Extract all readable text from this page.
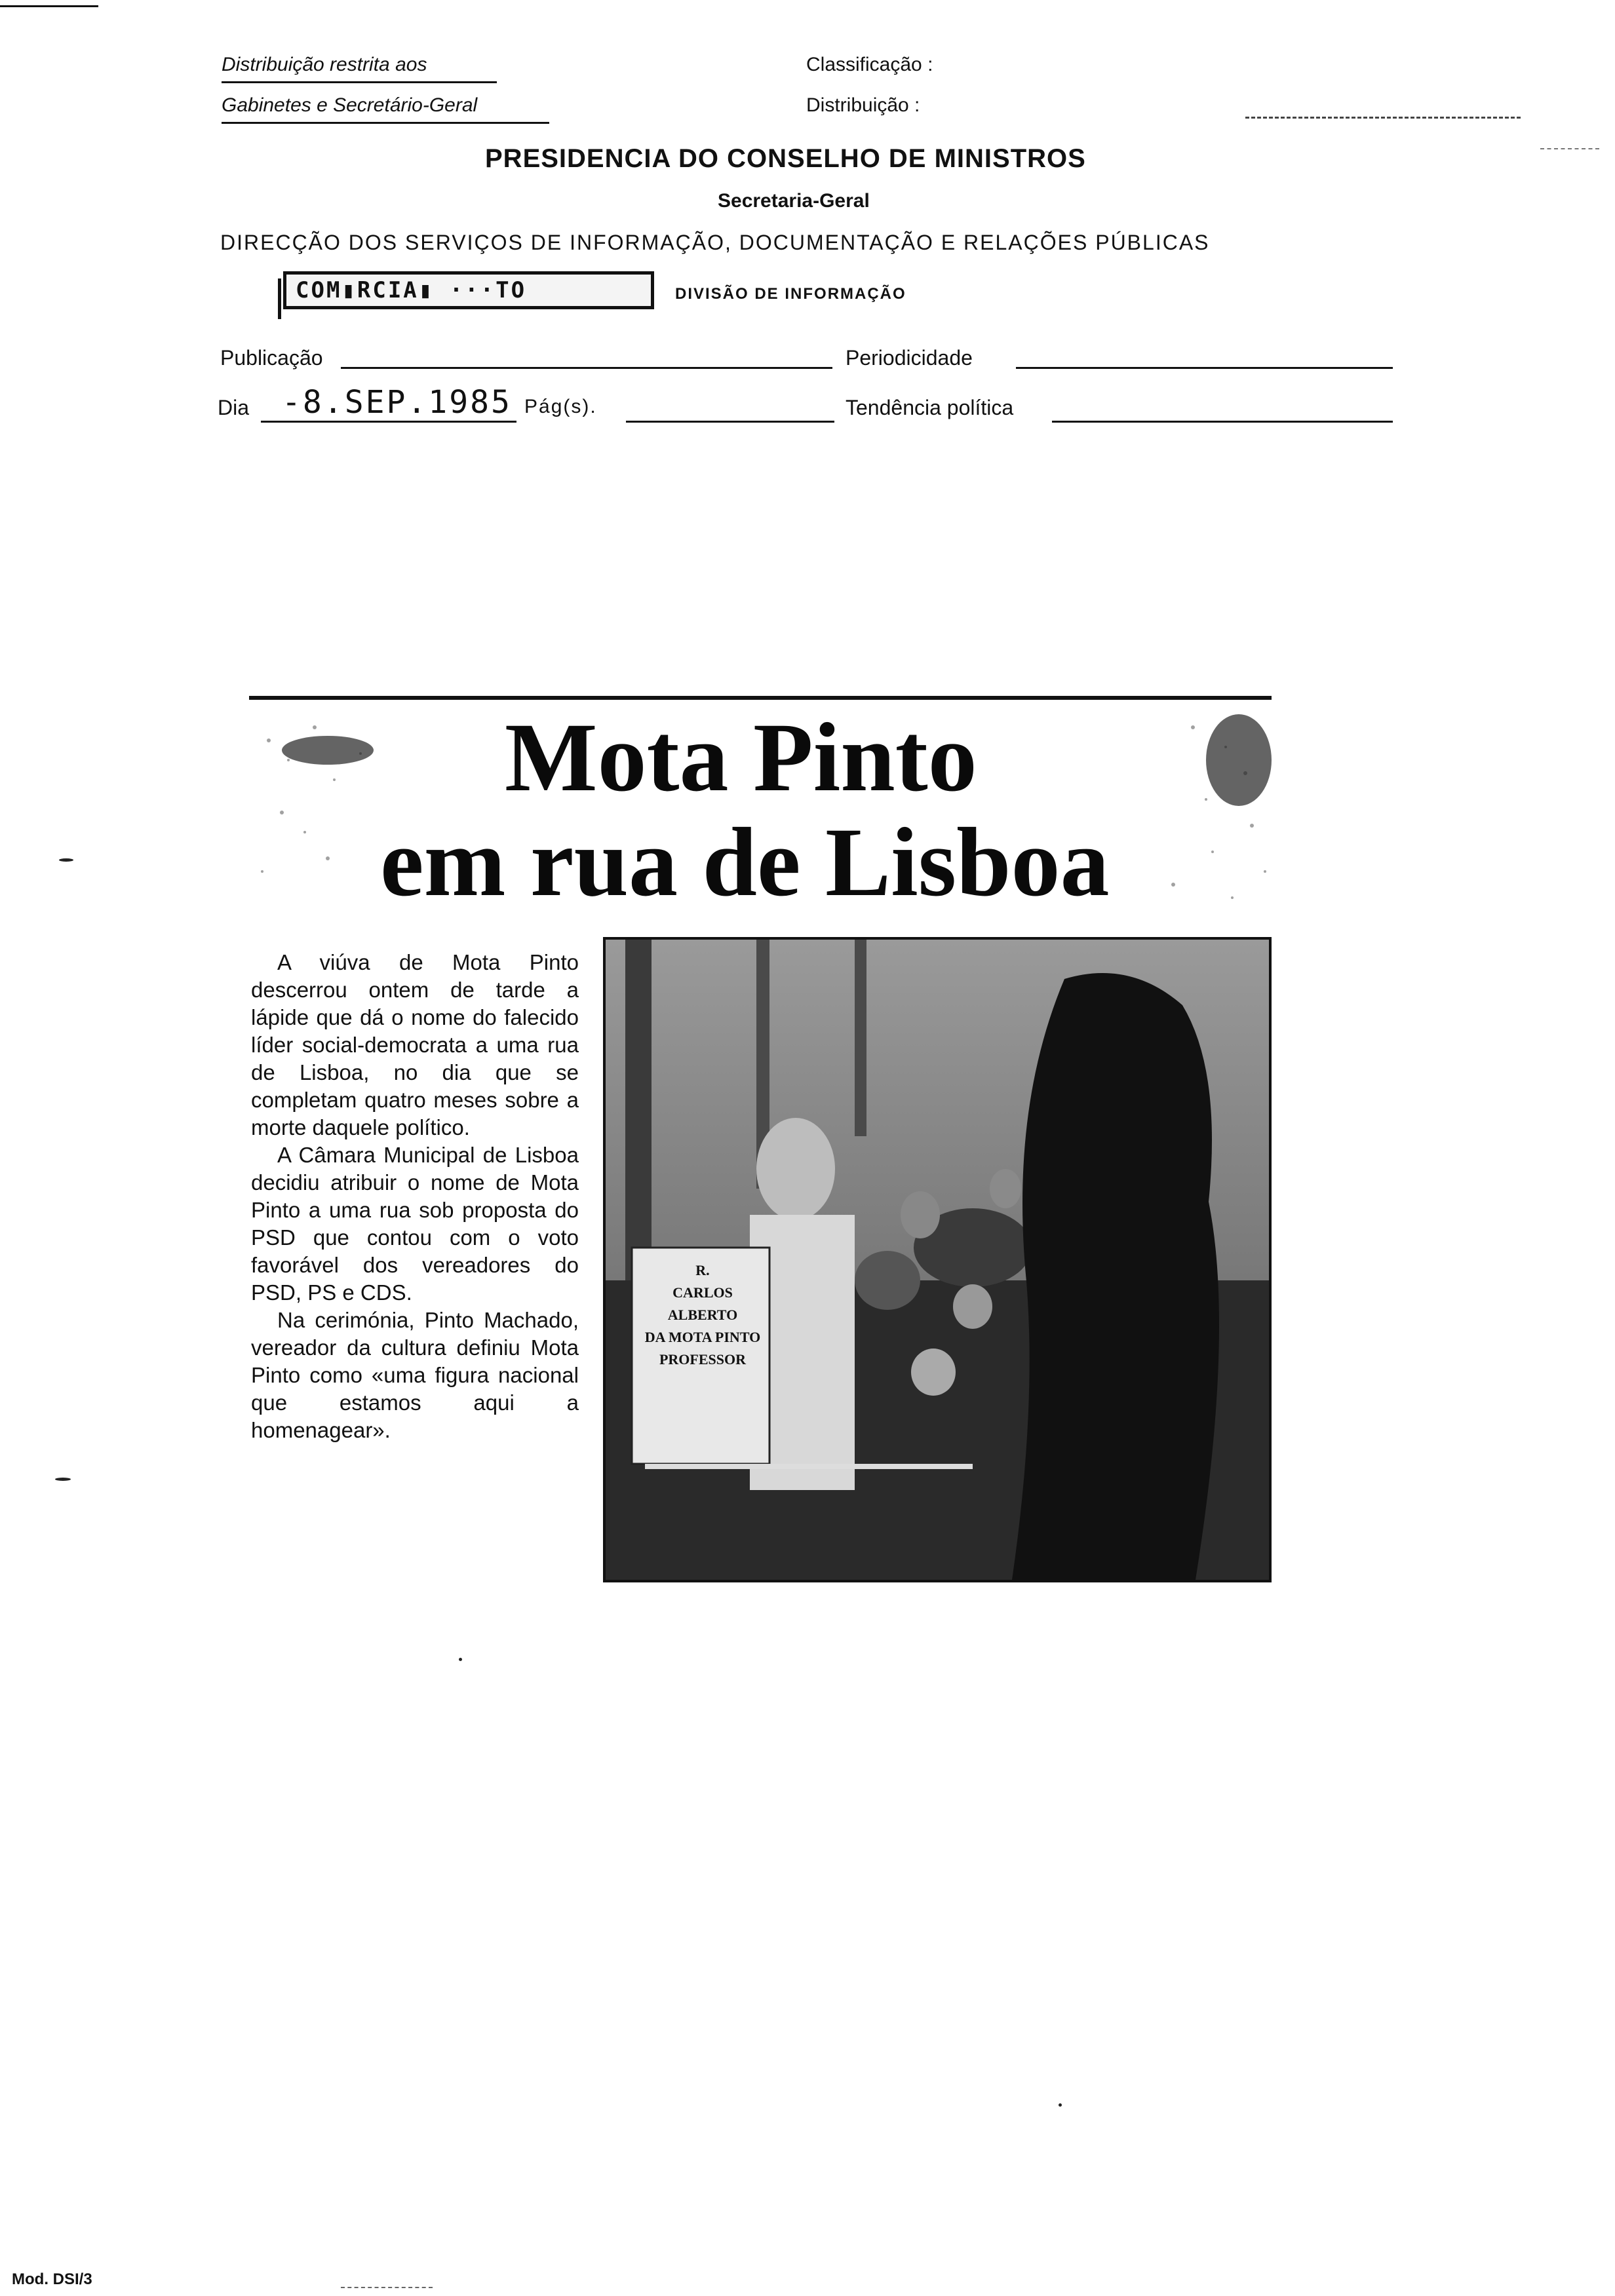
Distribuição restrita aos
Gabinetes e Secretário-Geral
Classificação :
Distribuição :
PRESIDENCIA DO CONSELHO DE MINISTROS
Secretaria-Geral
DIRECÇÃO DOS SERVIÇOS DE INFORMAÇÃO, DOCUMENTAÇÃO E RELAÇÕES PÚBLICAS
COM▮RCIA▮ ···TO	DIVISÃO DE INFORMAÇÃO
Publicação	Periodicidade
Dia -8.SEP.1985 Pág(s).	Tendência política
Mota Pinto
em rua de Lisboa

A viúva de Mota Pinto descerrou ontem de tarde a lápide que dá o nome do falecido líder social-democrata a uma rua de Lisboa, no dia que se completam quatro meses sobre a morte daquele político.

A Câmara Municipal de Lisboa decidiu atribuir o nome de Mota Pinto a uma rua sob proposta do PSD que contou com o voto favorável dos vereadores do PSD, PS e CDS.

Na cerimónia, Pinto Machado, vereador da cultura definiu Mota Pinto como «uma figura nacional que estamos aqui a homenagear».

R.
CARLOS ALBERTO
DA MOTA PINTO
PROFESSOR
Mod. DSI/3
